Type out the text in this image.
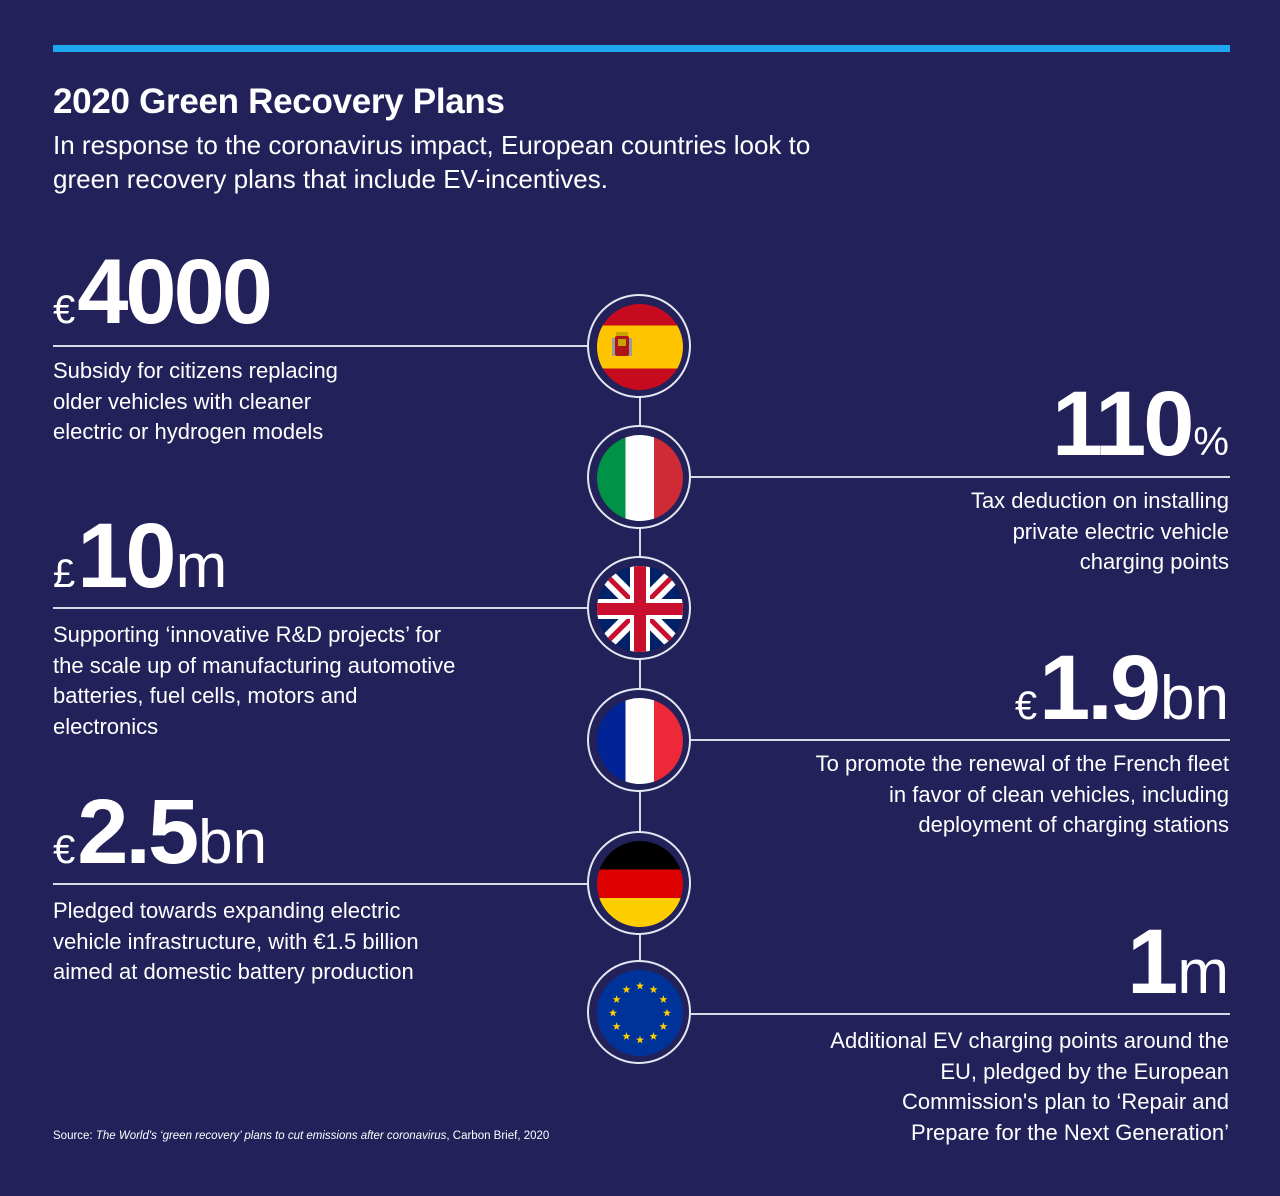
2020 Green Recovery Plans
In response to the coronavirus impact, European countries look to green recovery plans that include EV-incentives.
€4000
Subsidy for citizens replacing older vehicles with cleaner electric or hydrogen models	110%
Tax deduction on installing private electric vehicle charging points
£10m
Supporting ‘innovative R&D projects’ for the scale up of manufacturing automotive batteries, fuel cells, motors and electronics	€1.9bn
To promote the renewal of the French fleet in favor of clean vehicles, including deployment of charging stations
€2.5bn
Pledged towards expanding electric vehicle infrastructure, with €1.5 billion aimed at domestic battery production	1m
Additional EV charging points around the EU, pledged by the European Commission's plan to ‘Repair and Prepare for the Next Generation’
Source: The World's ‘green recovery’ plans to cut emissions after coronavirus, Carbon Brief, 2020
